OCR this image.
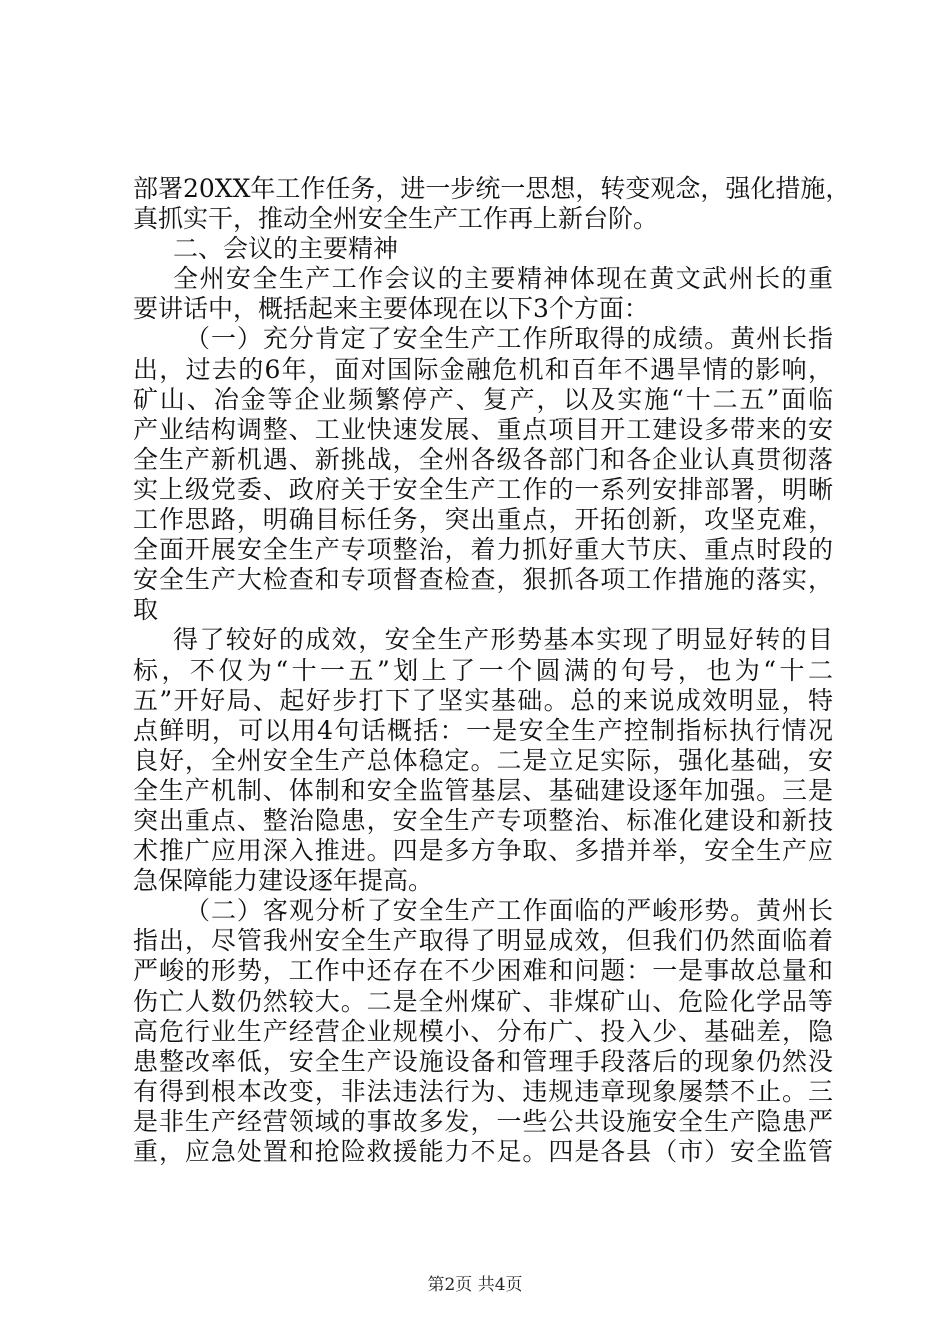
部署20XX年工作任务，进一步统一思想，转变观念，强化措施，
真抓实干，推动全州安全生产工作再上新台阶。
二、会议的主要精神
全州安全生产工作会议的主要精神体现在黄文武州长的重
要讲话中，概括起来主要体现在以下3个方面：
（一）充分肯定了安全生产工作所取得的成绩。黄州长指
出，过去的6年，面对国际金融危机和百年不遇旱情的影响，
矿山、冶金等企业频繁停产、复产，以及实施“十二五”面临
产业结构调整、工业快速发展、重点项目开工建设多带来的安
全生产新机遇、新挑战，全州各级各部门和各企业认真贯彻落
实上级党委、政府关于安全生产工作的一系列安排部署，明晰
工作思路，明确目标任务，突出重点，开拓创新，攻坚克难，
全面开展安全生产专项整治，着力抓好重大节庆、重点时段的
安全生产大检查和专项督查检查，狠抓各项工作措施的落实，
取
得了较好的成效，安全生产形势基本实现了明显好转的目
标，不仅为“十一五”划上了一个圆满的句号，也为“十二
五”开好局、起好步打下了坚实基础。总的来说成效明显，特
点鲜明，可以用4句话概括：一是安全生产控制指标执行情况
良好，全州安全生产总体稳定。二是立足实际，强化基础，安
全生产机制、体制和安全监管基层、基础建设逐年加强。三是
突出重点、整治隐患，安全生产专项整治、标准化建设和新技
术推广应用深入推进。四是多方争取、多措并举，安全生产应
急保障能力建设逐年提高。
（二）客观分析了安全生产工作面临的严峻形势。黄州长
指出，尽管我州安全生产取得了明显成效，但我们仍然面临着
严峻的形势，工作中还存在不少困难和问题：一是事故总量和
伤亡人数仍然较大。二是全州煤矿、非煤矿山、危险化学品等
高危行业生产经营企业规模小、分布广、投入少、基础差，隐
患整改率低，安全生产设施设备和管理手段落后的现象仍然没
有得到根本改变，非法违法行为、违规违章现象屡禁不止。三
是非生产经营领域的事故多发，一些公共设施安全生产隐患严
重，应急处置和抢险救援能力不足。四是各县（市）安全监管
第2页 共4页
